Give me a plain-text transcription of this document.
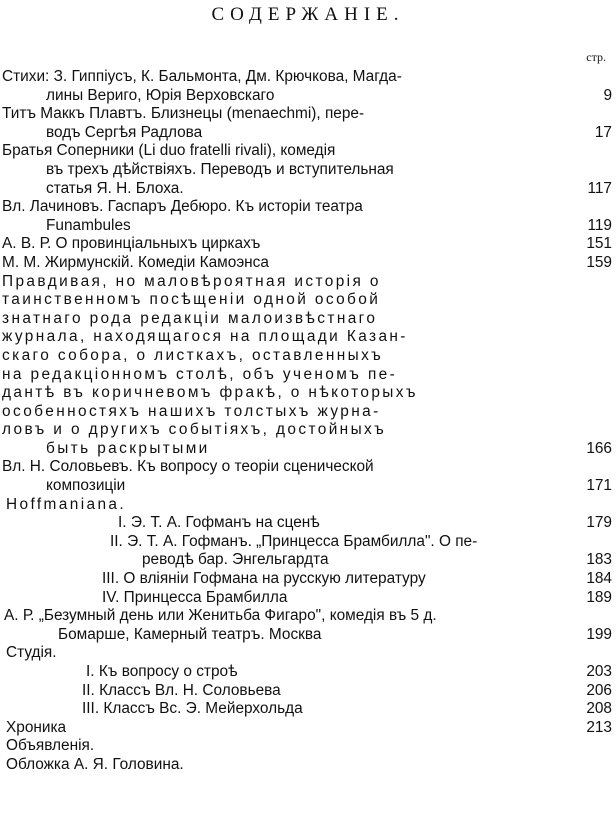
СОДЕРЖАНІЕ.
стр.
Стихи: З. Гиппіусъ, К. Бальмонта, Дм. Крючкова, Магда-
лины Вериго, Юрія Верховскаго	9
Титъ Маккъ Плавтъ. Близнецы (menaechmi), пере-
водъ Сергѣя Радлова	17
Братья Соперники (Li duo fratelli rivali), комедія
въ трехъ дѣйствіяхъ. Переводъ и вступительная
статья Я. Н. Блоха.	117
Вл. Лачиновъ. Гаспаръ Дебюро. Къ исторіи театра
Funambules	119
А. В. Р. О провинціальныхъ циркахъ	151
М. М. Жирмунскій. Комедіи Камоэнса	159
Правдивая, но маловѣроятная исторія о
таинственномъ посѣщеніи одной особой
знатнаго рода редакціи малоизвѣстнаго
журнала, находящагося на площади Казан-
скаго собора, о листкахъ, оставленныхъ
на редакціонномъ столѣ, объ ученомъ пе-
дантѣ въ коричневомъ фракѣ, о нѣкоторыхъ
особенностяхъ нашихъ толстыхъ журна-
ловъ и о другихъ событіяхъ, достойныхъ
быть раскрытыми	166
Вл. Н. Соловьевъ. Къ вопросу о теоріи сценической
композиціи	171
Hoffmaniana.
I. Э. Т. А. Гофманъ на сценѣ	179
II. Э. Т. А. Гофманъ. „Принцесса Брамбилла". О пе-
реводѣ бар. Энгельгардта	183
III. О вліяніи Гофмана на русскую литературу	184
IV. Принцесса Брамбилла	189
А. Р. „Безумный день или Женитьба Фигаро", комедія въ 5 д.
Бомарше, Камерный театръ. Москва	199
Студія.
I. Къ вопросу о строѣ	203
II. Классъ Вл. Н. Соловьева	206
III. Классъ Вс. Э. Мейерхольда	208
Хроника	213
Объявленія.
Обложка А. Я. Головина.
